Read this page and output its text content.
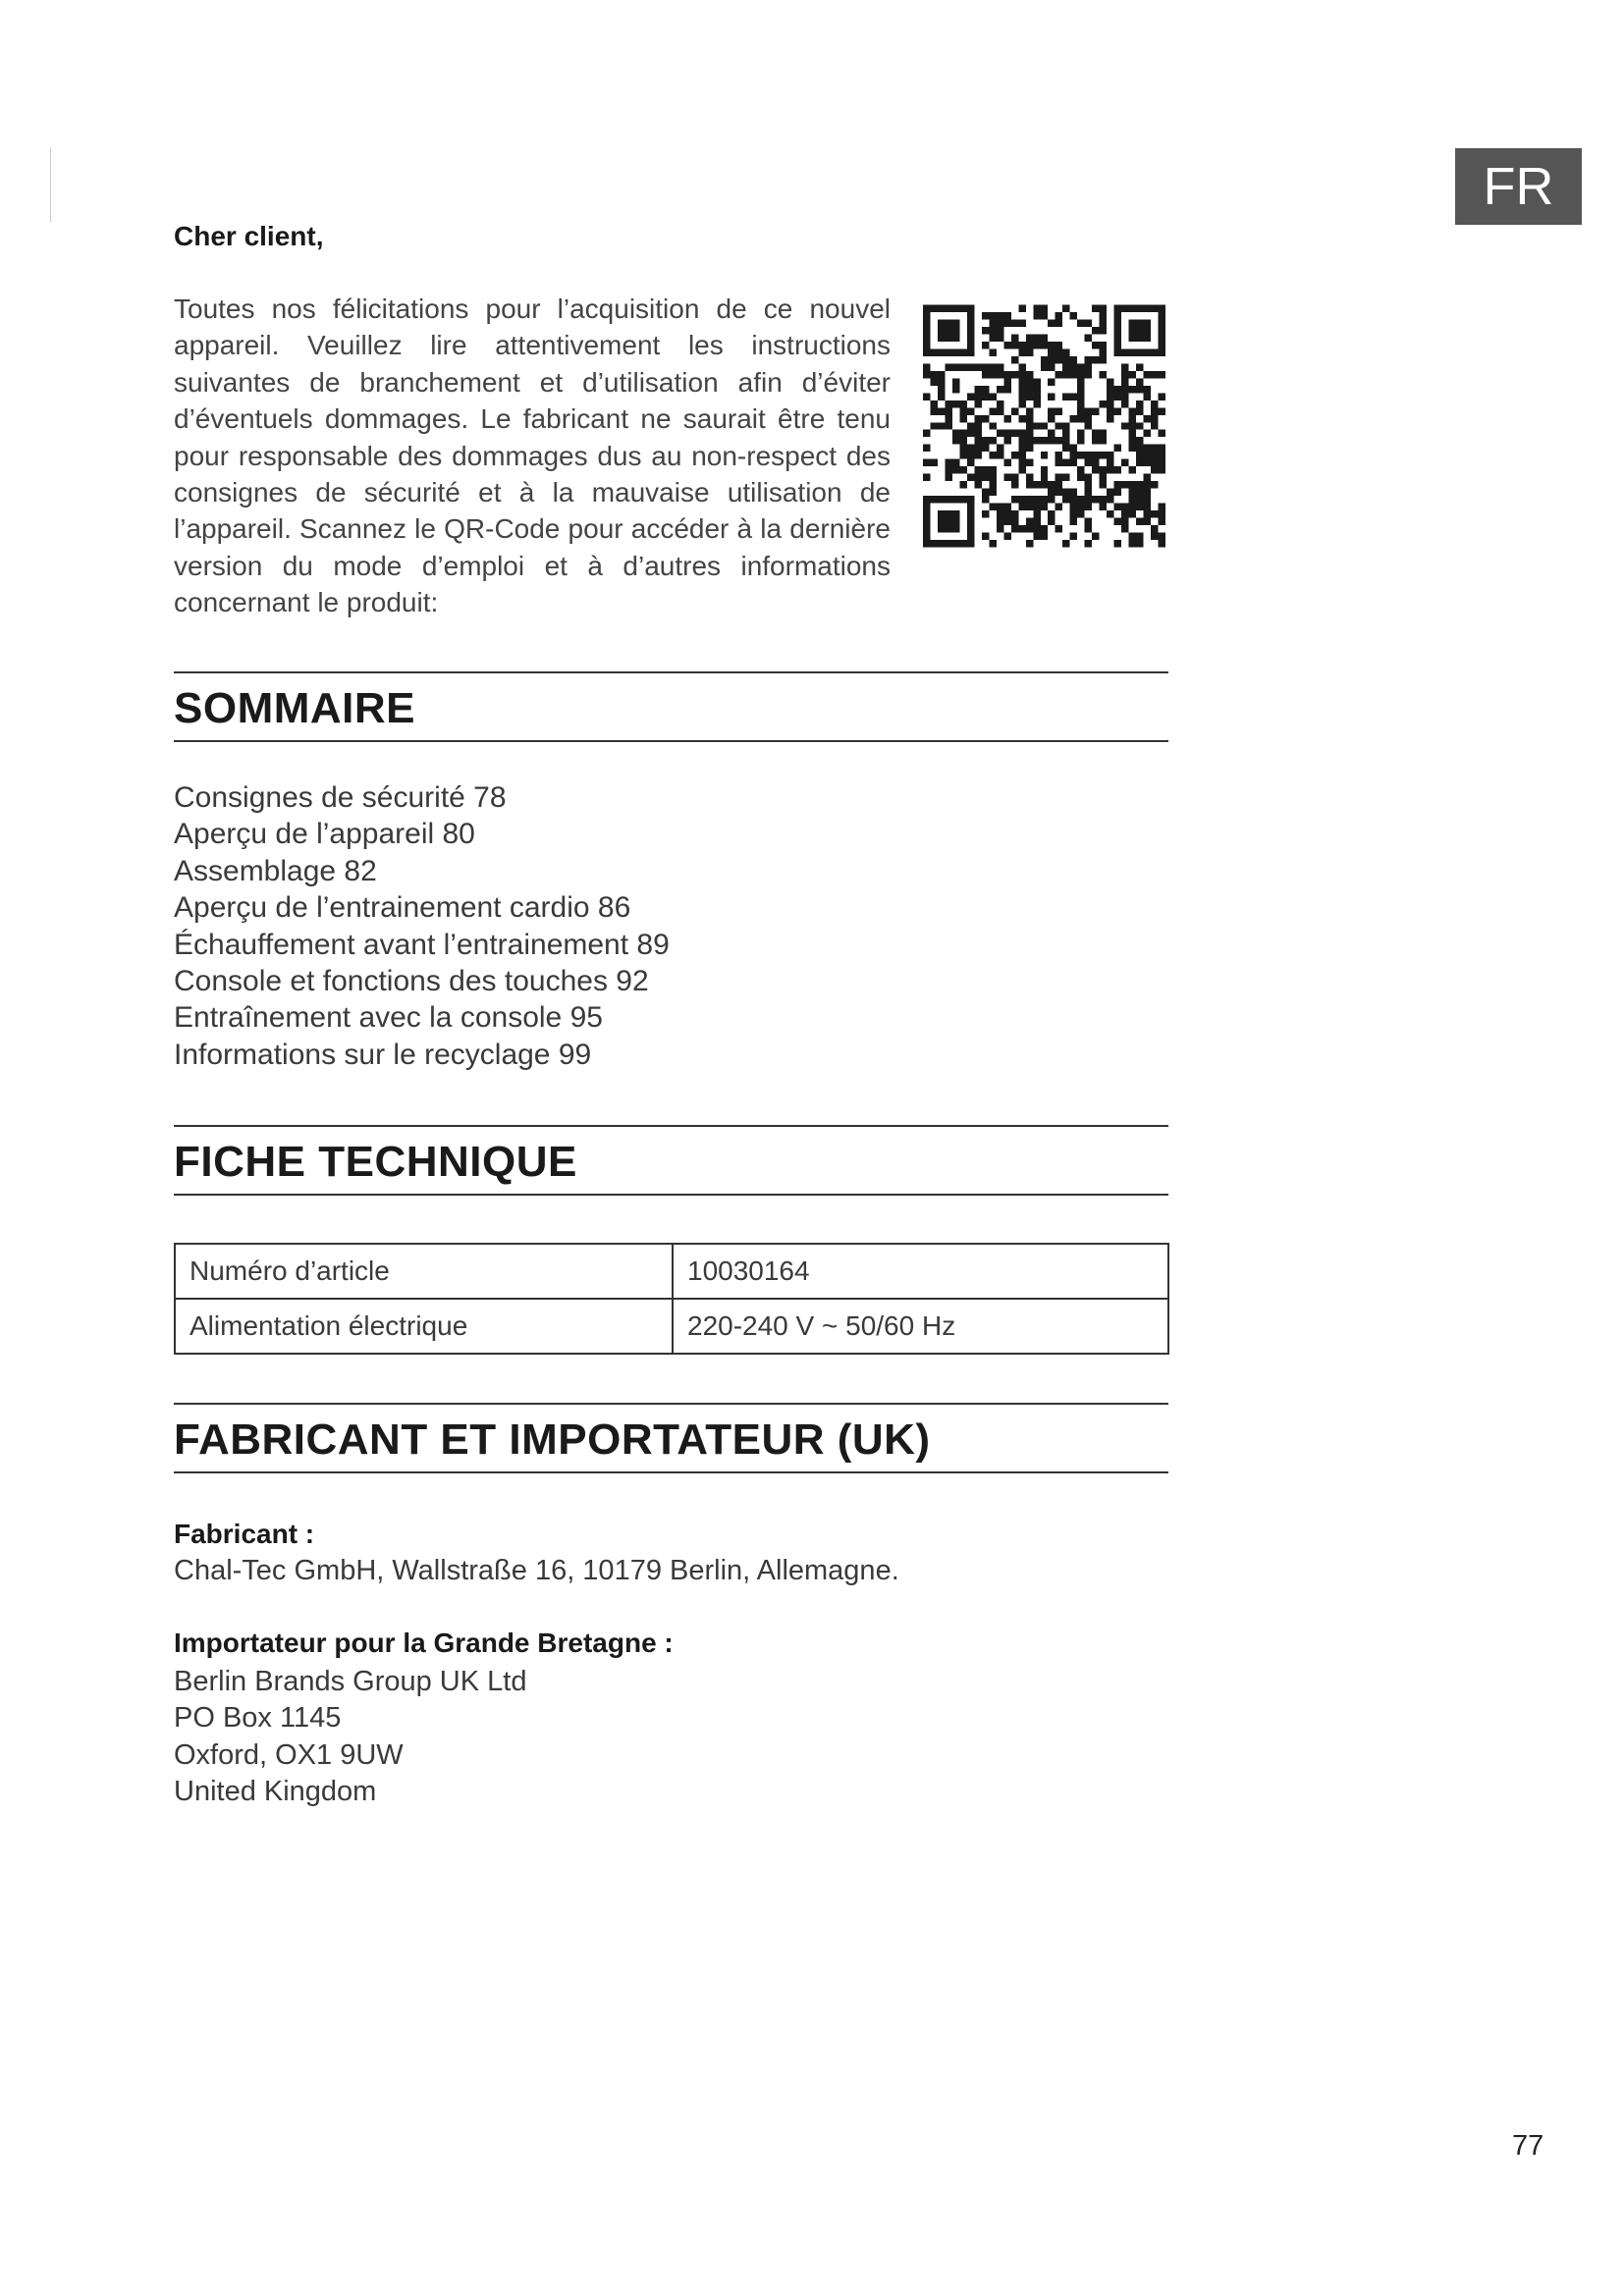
FR
Cher client,

Toutes nos félicitations pour l’acquisition de ce nouvel appareil. Veuillez lire attentivement les instructions suivantes de branchement et d’utilisation afin d’éviter d’éventuels dommages. Le fabricant ne saurait être tenu pour responsable des dommages dus au non-respect des consignes de sécurité et à la mauvaise utilisation de l’appareil. Scannez le QR-Code pour accéder à la dernière version du mode d’emploi et à d’autres informations concernant le produit:

SOMMAIRE
Consignes de sécurité 78
Aperçu de l’appareil 80
Assemblage 82
Aperçu de l’entrainement cardio 86
Échauffement avant l’entrainement 89
Console et fonctions des touches 92
Entraînement avec la console 95
Informations sur le recyclage 99
FICHE TECHNIQUE
Numéro d’article	10030164
Alimentation électrique	220-240 V ~ 50/60 Hz
FABRICANT ET IMPORTATEUR (UK)
Fabricant :
Chal-Tec GmbH, Wallstraße 16, 10179 Berlin, Allemagne.
Importateur pour la Grande Bretagne :
Berlin Brands Group UK Ltd
PO Box 1145
Oxford, OX1 9UW
United Kingdom
77
